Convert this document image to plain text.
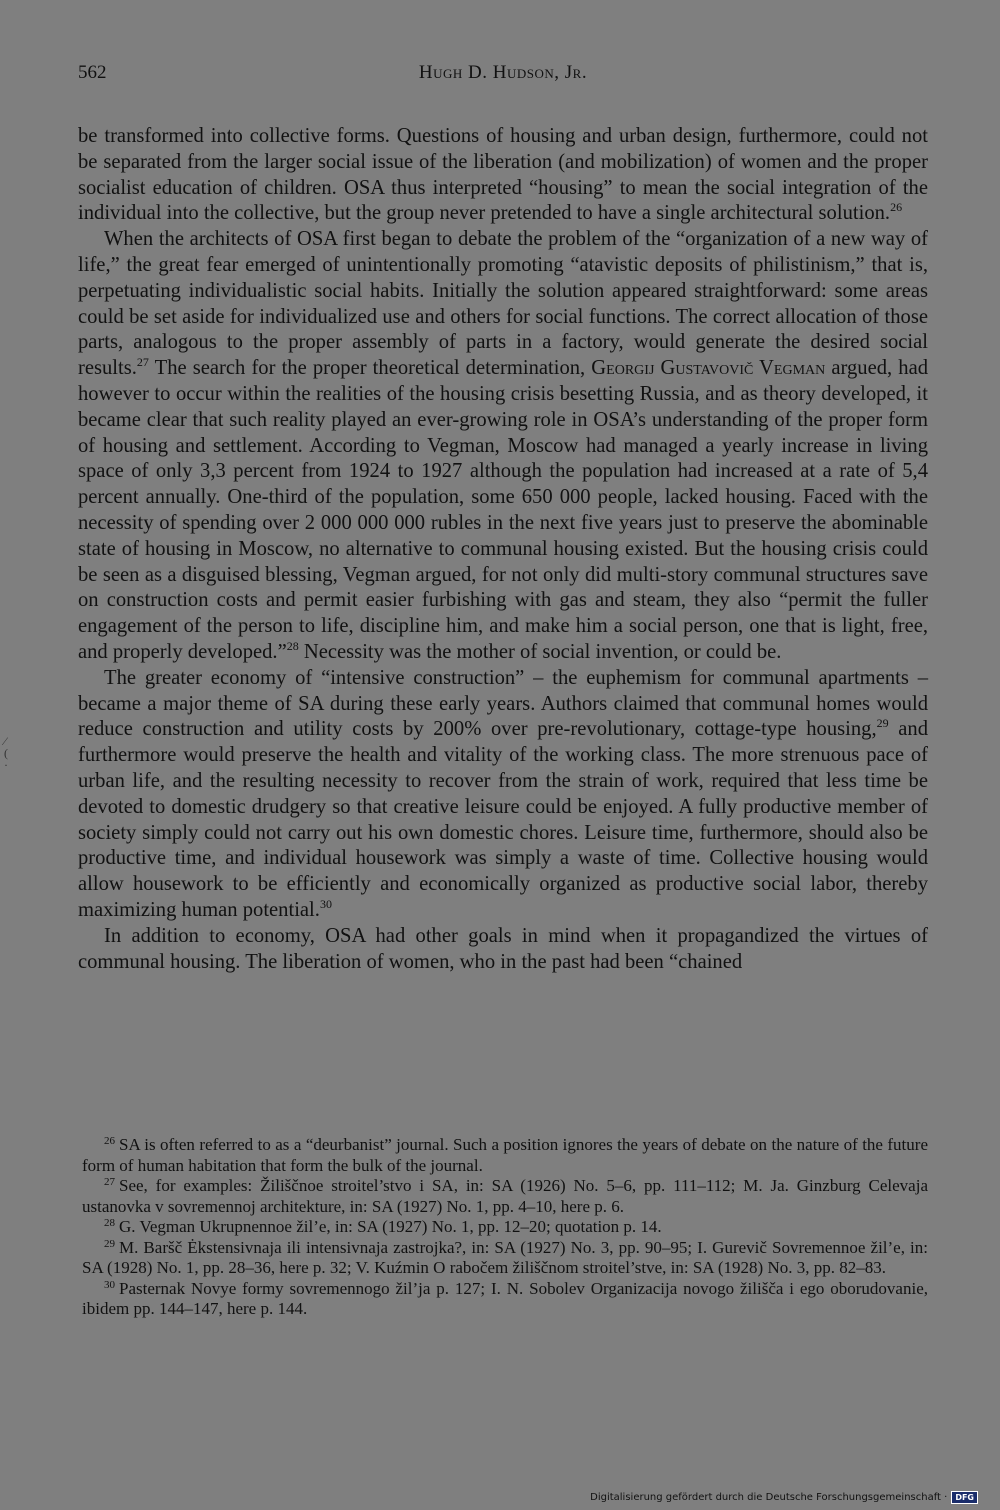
562	Hugh D. Hudson, Jr.

be transformed into collective forms. Questions of housing and urban design, furthermore, could not be separated from the larger social issue of the liberation (and mobilization) of women and the proper socialist education of children. OSA thus interpreted “housing” to mean the social integration of the individual into the collective, but the group never pretended to have a single architectural solution.$^{26}$

When the architects of OSA first began to debate the problem of the “organization of a new way of life,” the great fear emerged of unintentionally promoting “atavistic deposits of philistinism,” that is, perpetuating individualistic social habits. Initially the solution appeared straightforward: some areas could be set aside for individualized use and others for social functions. The correct allocation of those parts, analogous to the proper assembly of parts in a factory, would generate the desired social results.$^{27}$ The search for the proper theoretical determination, Georgij Gustavovič Vegman argued, had however to occur within the realities of the housing crisis besetting Russia, and as theory developed, it became clear that such reality played an ever-growing role in OSA’s understanding of the proper form of housing and settlement. According to Vegman, Moscow had managed a yearly increase in living space of only 3,3 percent from 1924 to 1927 although the population had increased at a rate of 5,4 percent annually. One-third of the population, some 650 000 people, lacked housing. Faced with the necessity of spending over 2 000 000 000 rubles in the next five years just to preserve the abominable state of housing in Moscow, no alternative to communal housing existed. But the housing crisis could be seen as a disguised blessing, Vegman argued, for not only did multi-story communal structures save on construction costs and permit easier furbishing with gas and steam, they also “permit the fuller engagement of the person to life, discipline him, and make him a social person, one that is light, free, and properly developed.”$^{28}$ Necessity was the mother of social invention, or could be.

The greater economy of “intensive construction” – the euphemism for communal apartments – became a major theme of SA during these early years. Authors claimed that communal homes would reduce construction and utility costs by 200% over pre-revolutionary, cottage-type housing,$^{29}$ and furthermore would preserve the health and vitality of the working class. The more strenuous pace of urban life, and the resulting necessity to recover from the strain of work, required that less time be devoted to domestic drudgery so that creative leisure could be enjoyed. A fully productive member of society simply could not carry out his own domestic chores. Leisure time, furthermore, should also be productive time, and individual housework was simply a waste of time. Collective housing would allow housework to be efficiently and economically organized as productive social labor, thereby maximizing human potential.$^{30}$

In addition to economy, OSA had other goals in mind when it propagandized the virtues of communal housing. The liberation of women, who in the past had been “chained

⁄
(
·

$^{26}$ SA is often referred to as a “deurbanist” journal. Such a position ignores the years of debate on the nature of the future form of human habitation that form the bulk of the journal.

$^{27}$ See, for examples: Žiliščnoe stroitel’stvo i SA, in: SA (1926) No. 5–6, pp. 111–112; M. Ja. Ginzburg Celevaja ustanovka v sovremennoj architekture, in: SA (1927) No. 1, pp. 4–10, here p. 6.

$^{28}$ G. Vegman Ukrupnennoe žil’e, in: SA (1927) No. 1, pp. 12–20; quotation p. 14.

$^{29}$ M. Baršč Ėkstensivnaja ili intensivnaja zastrojka?, in: SA (1927) No. 3, pp. 90–95; I. Gurevič Sovremennoe žil’e, in: SA (1928) No. 1, pp. 28–36, here p. 32; V. Kuźmin O rabočem žiliščnom stroitel’stve, in: SA (1928) No. 3, pp. 82–83.

$^{30}$ Pasternak Novye formy sovremennogo žil’ja p. 127; I. N. Sobolev Organizacija novogo žilišča i ego oborudovanie, ibidem pp. 144–147, here p. 144.

Digitalisierung gefördert durch die Deutsche Forschungsgemeinschaft ·	DFG
